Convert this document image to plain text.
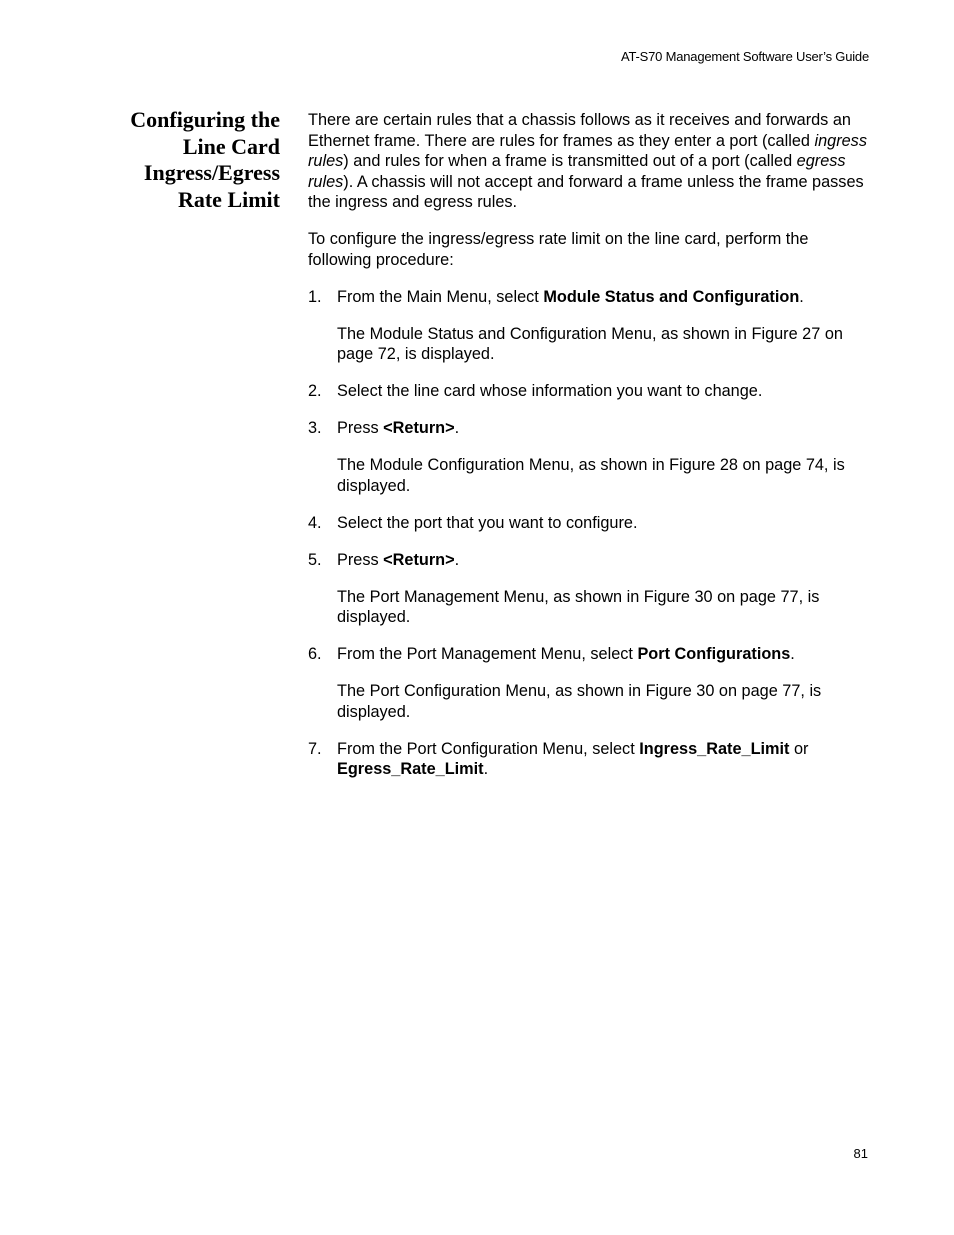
AT-S70 Management Software User’s Guide
Configuring the
Line Card
Ingress/Egress
Rate Limit

There are certain rules that a chassis follows as it receives and forwards an Ethernet frame. There are rules for frames as they enter a port (called ingress rules) and rules for when a frame is transmitted out of a port (called egress rules). A chassis will not accept and forward a frame unless the frame passes the ingress and egress rules.

To configure the ingress/egress rate limit on the line card, perform the following procedure:

1. From the Main Menu, select Module Status and Configuration.

The Module Status and Configuration Menu, as shown in Figure 27 on page 72, is displayed.

2. Select the line card whose information you want to change.
3. Press <Return>.

The Module Configuration Menu, as shown in Figure 28 on page 74, is displayed.

4. Select the port that you want to configure.
5. Press <Return>.

The Port Management Menu, as shown in Figure 30 on page 77, is displayed.

6. From the Port Management Menu, select Port Configurations.

The Port Configuration Menu, as shown in Figure 30 on page 77, is displayed.

7. From the Port Configuration Menu, select Ingress_Rate_Limit or Egress_Rate_Limit.
81
